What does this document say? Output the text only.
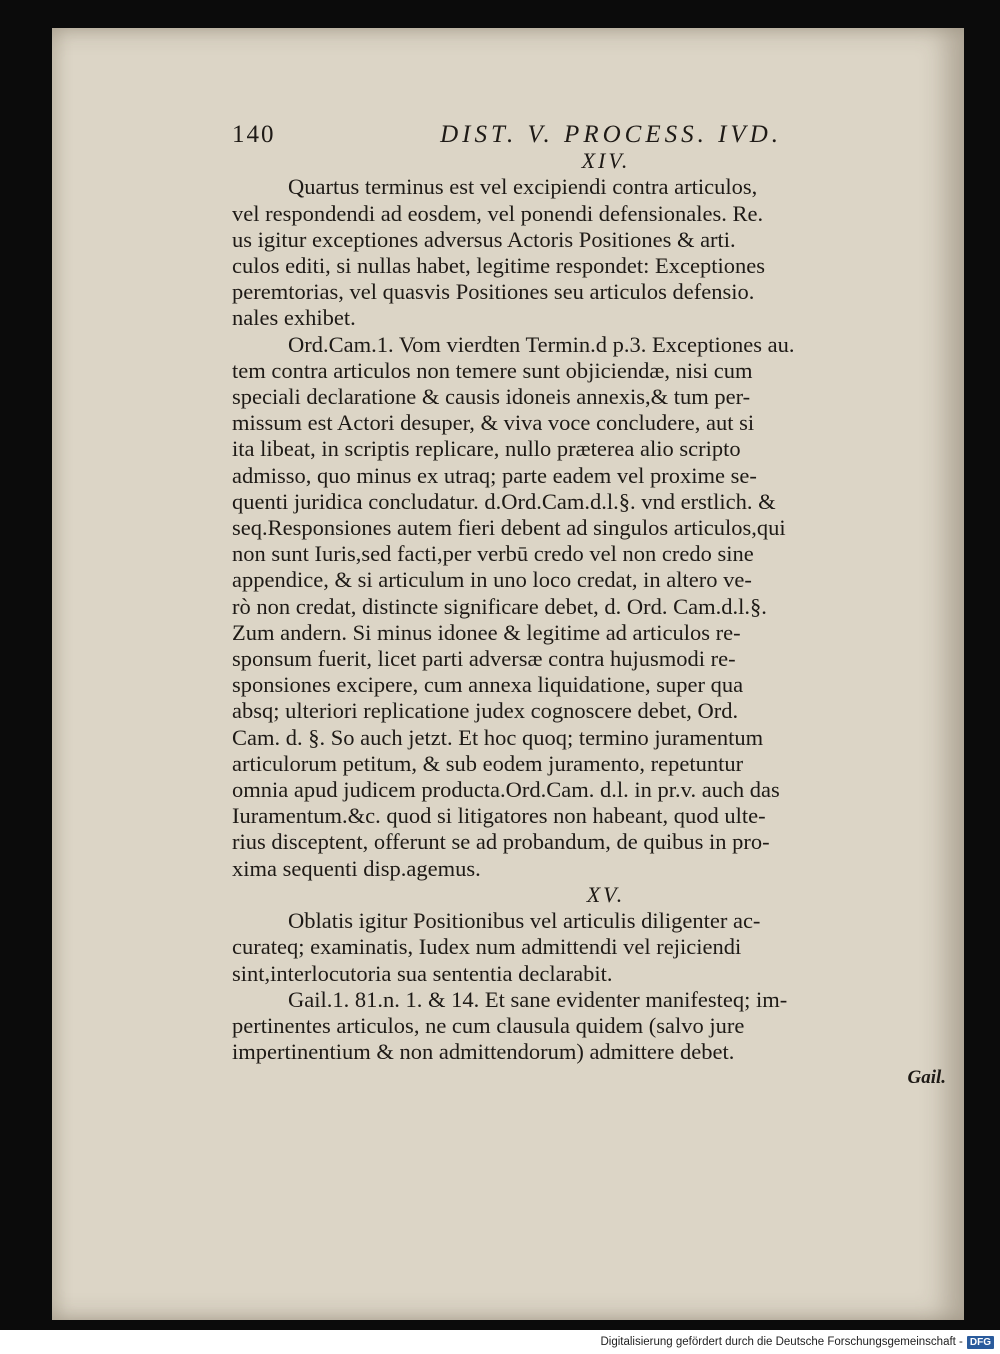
140	DIST. V. PROCESS. IVD.
XIV.
Quartus terminus est vel excipiendi contra articulos,
vel respondendi ad eosdem, vel ponendi defensionales. Re.
us igitur exceptiones adversus Actoris Positiones & arti.
culos editi, si nullas habet, legitime respondet: Exceptiones
peremtorias, vel quasvis Positiones seu articulos defensio.
nales exhibet.
Ord.Cam.1. Vom vierdten Termin.d p.3. Exceptiones au.
tem contra articulos non temere sunt objiciendæ, nisi cum
speciali declaratione & causis idoneis annexis,& tum per-
missum est Actori desuper, & viva voce concludere, aut si
ita libeat, in scriptis replicare, nullo præterea alio scripto
admisso, quo minus ex utraq; parte eadem vel proxime se-
quenti juridica concludatur. d.Ord.Cam.d.l.§. vnd erstlich. &
seq.Responsiones autem fieri debent ad singulos articulos,qui
non sunt Iuris,sed facti,per verbū credo vel non credo sine
appendice, & si articulum in uno loco credat, in altero ve-
rò non credat, distincte significare debet, d. Ord. Cam.d.l.§.
Zum andern. Si minus idonee & legitime ad articulos re-
sponsum fuerit, licet parti adversæ contra hujusmodi re-
sponsiones excipere, cum annexa liquidatione, super qua
absq; ulteriori replicatione judex cognoscere debet, Ord.
Cam. d. §. So auch jetzt. Et hoc quoq; termino juramentum
articulorum petitum, & sub eodem juramento, repetuntur
omnia apud judicem producta.Ord.Cam. d.l. in pr.v. auch das
Iuramentum.&c. quod si litigatores non habeant, quod ulte-
rius disceptent, offerunt se ad probandum, de quibus in pro-
xima sequenti disp.agemus.
XV.
Oblatis igitur Positionibus vel articulis diligenter ac-
curateq; examinatis, Iudex num admittendi vel rejiciendi
sint,interlocutoria sua sententia declarabit.
Gail.1. 81.n. 1. & 14. Et sane evidenter manifesteq; im-
pertinentes articulos, ne cum clausula quidem (salvo jure
impertinentium & non admittendorum) admittere debet.
Gail.
Digitalisierung gefördert durch die Deutsche Forschungsgemeinschaft - DFG
